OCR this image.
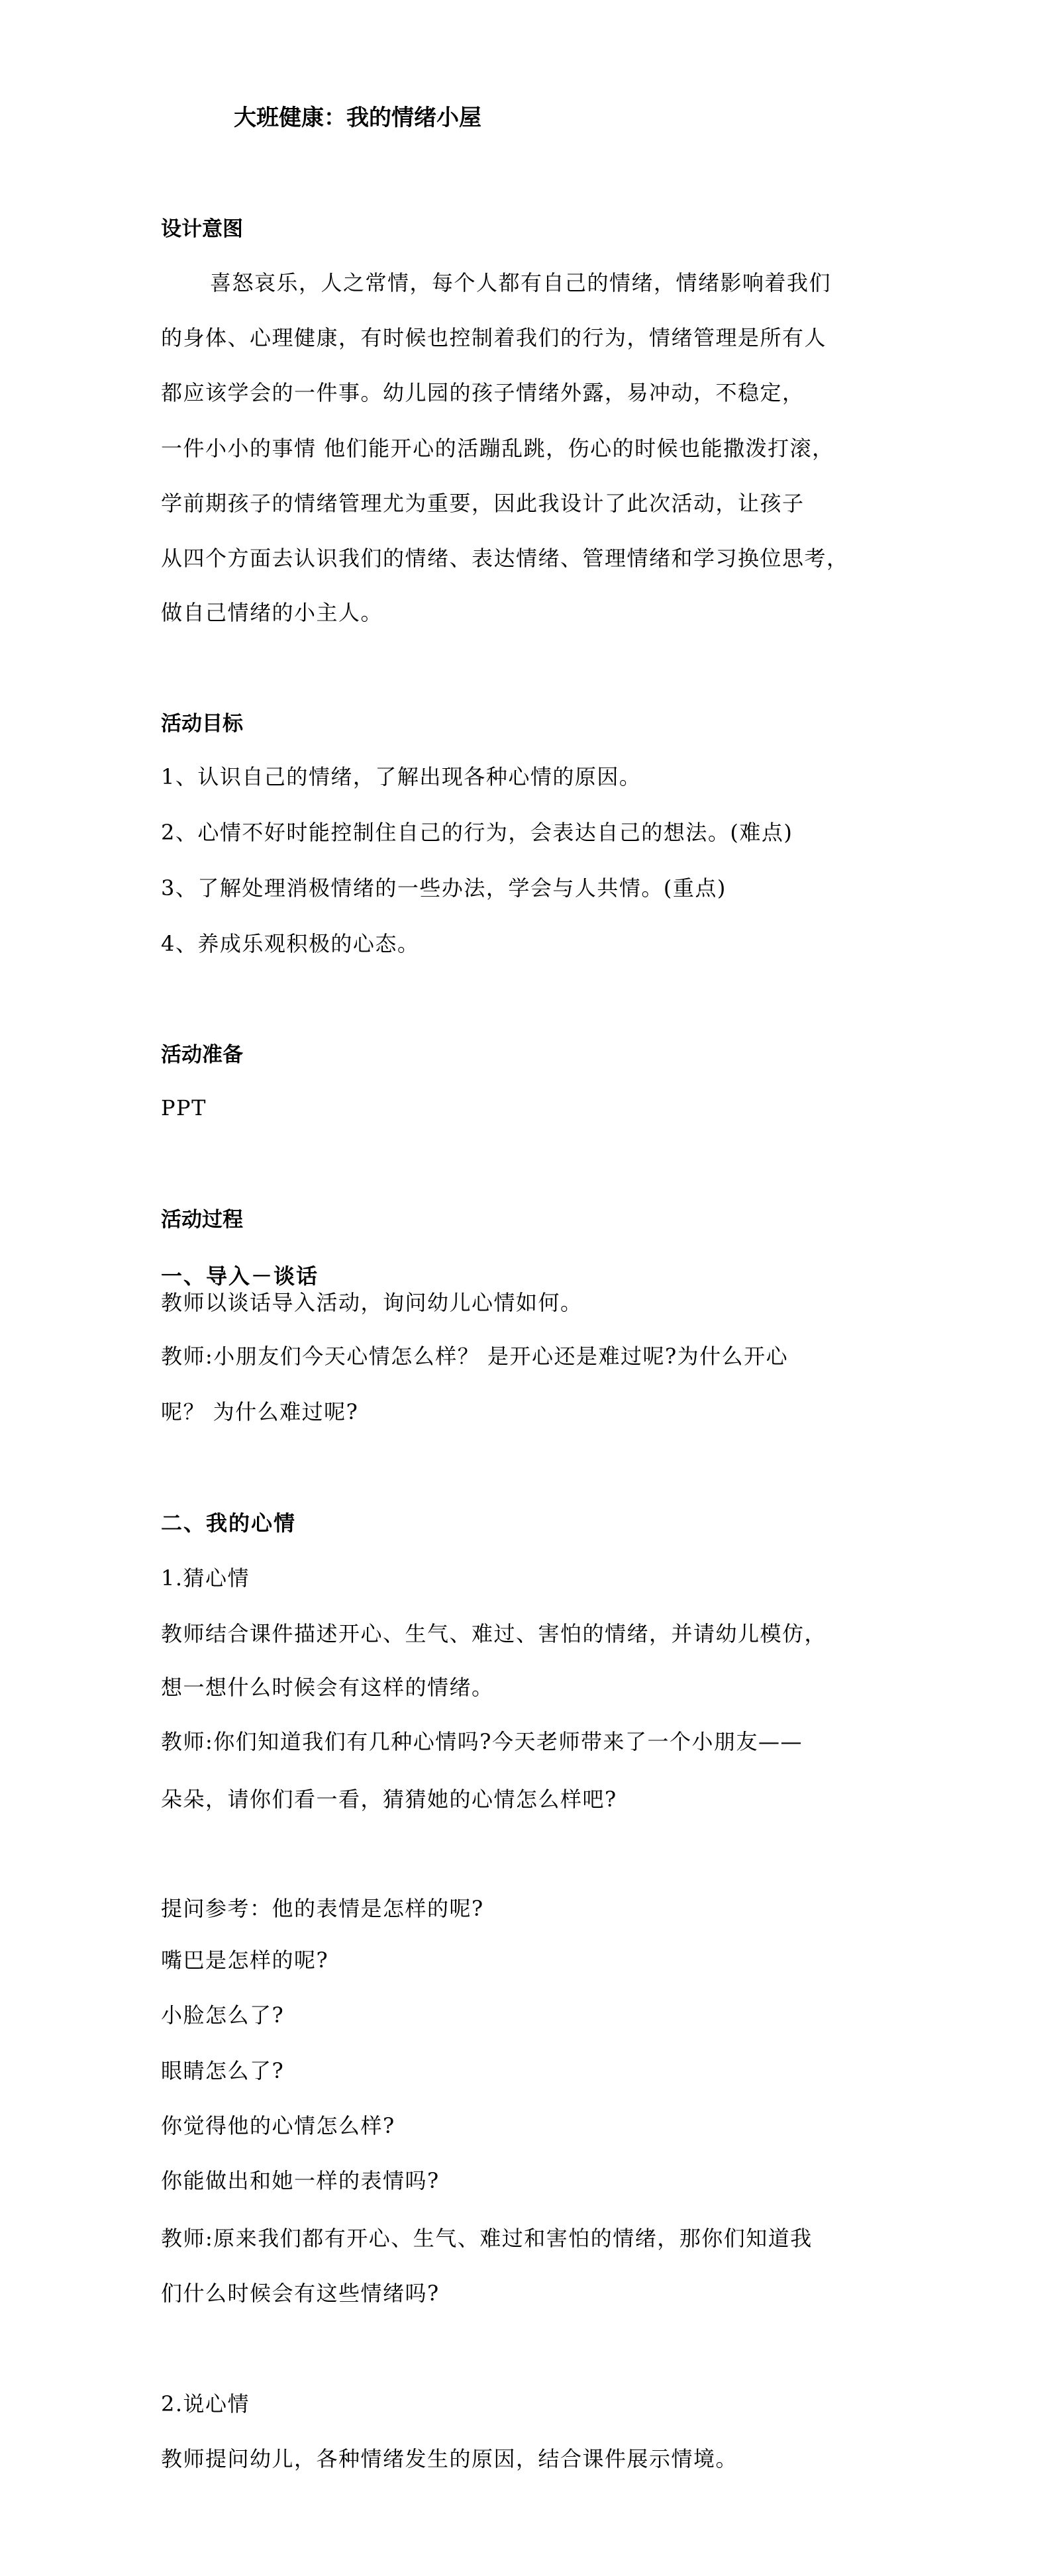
大班健康：我的情绪小屋
设计意图
喜怒哀乐，人之常情，每个人都有自己的情绪，情绪影响着我们
的身体、心理健康，有时候也控制着我们的行为，情绪管理是所有人
都应该学会的一件事。幼儿园的孩子情绪外露，易冲动，不稳定，
一件小小的事情 他们能开心的活蹦乱跳，伤心的时候也能撒泼打滚，
学前期孩子的情绪管理尤为重要，因此我设计了此次活动，让孩子
从四个方面去认识我们的情绪、表达情绪、管理情绪和学习换位思考，
做自己情绪的小主人。
活动目标
1、认识自己的情绪，了解出现各种心情的原因。
2、心情不好时能控制住自己的行为，会表达自己的想法。(难点)
3、了解处理消极情绪的一些办法，学会与人共情。(重点)
4、养成乐观积极的心态。
活动准备
PPT
活动过程
一、导入－谈话
教师以谈话导入活动，询问幼儿心情如何。
教师:小朋友们今天心情怎么样？ 是开心还是难过呢?为什么开心
呢？ 为什么难过呢?
二、我的心情
1.猜心情
教师结合课件描述开心、生气、难过、害怕的情绪，并请幼儿模仿，
想一想什么时候会有这样的情绪。
教师:你们知道我们有几种心情吗?今天老师带来了一个小朋友——
朵朵，请你们看一看，猜猜她的心情怎么样吧?
提问参考：他的表情是怎样的呢?
嘴巴是怎样的呢?
小脸怎么了?
眼睛怎么了?
你觉得他的心情怎么样?
你能做出和她一样的表情吗?
教师:原来我们都有开心、生气、难过和害怕的情绪，那你们知道我
们什么时候会有这些情绪吗?
2.说心情
教师提问幼儿，各种情绪发生的原因，结合课件展示情境。
